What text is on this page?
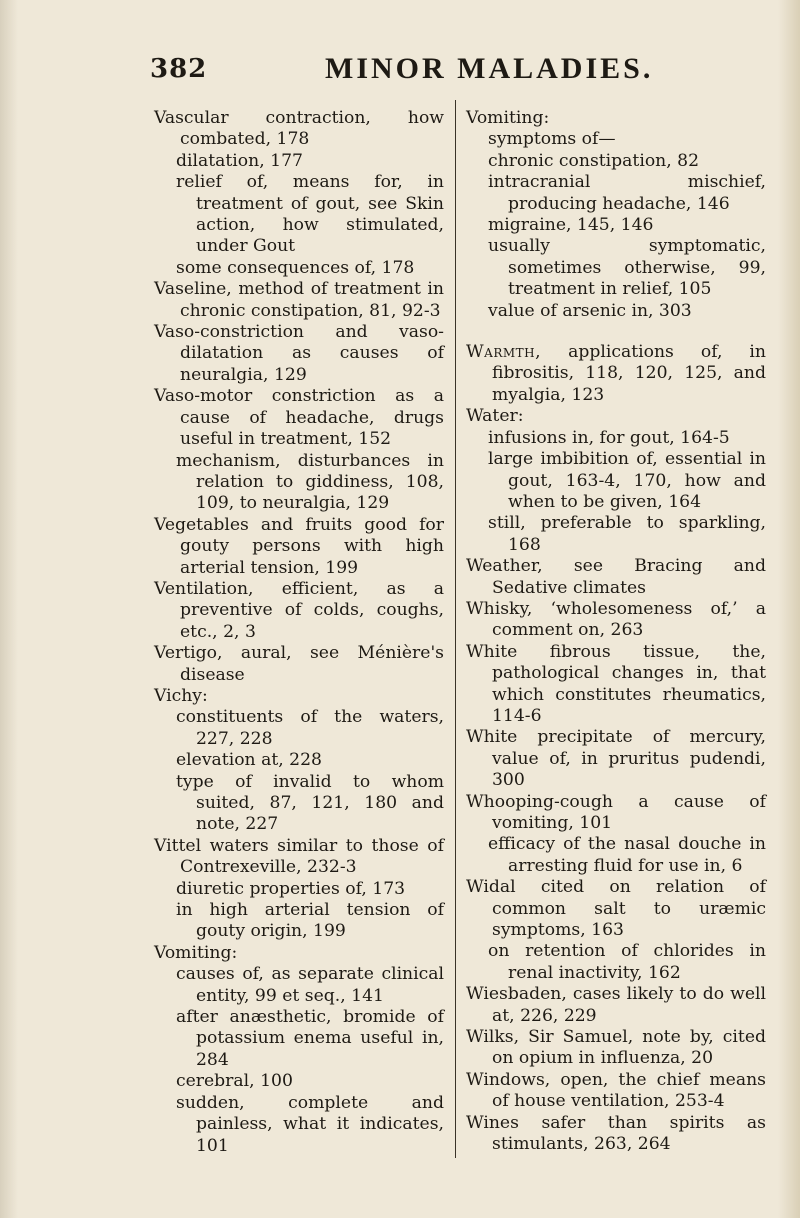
382	MINOR MALADIES.

Vascular contraction, how combated, 178

dilatation, 177

relief of, means for, in treatment of gout, see Skin action, how stimulated, under Gout

some consequences of, 178

Vaseline, method of treatment in chronic constipation, 81, 92-3

Vaso-constriction and vaso-dilatation as causes of neuralgia, 129

Vaso-motor constriction as a cause of headache, drugs useful in treatment, 152

mechanism, disturbances in relation to giddiness, 108, 109, to neuralgia, 129

Vegetables and fruits good for gouty persons with high arterial tension, 199

Ventilation, efficient, as a preventive of colds, coughs, etc., 2, 3

Vertigo, aural, see Ménière's disease

Vichy:

constituents of the waters, 227, 228

elevation at, 228

type of invalid to whom suited, 87, 121, 180 and note, 227

Vittel waters similar to those of Contrexeville, 232-3

diuretic properties of, 173

in high arterial tension of gouty origin, 199

Vomiting:

causes of, as separate clinical entity, 99 et seq., 141

after anæsthetic, bromide of potassium enema useful in, 284

cerebral, 100

sudden, complete and painless, what it indicates, 101

Vomiting:

symptoms of—

chronic constipation, 82

intracranial mischief, producing headache, 146

migraine, 145, 146

usually symptomatic, sometimes otherwise, 99, treatment in relief, 105

value of arsenic in, 303

Warmth, applications of, in fibrositis, 118, 120, 125, and myalgia, 123

Water:

infusions in, for gout, 164-5

large imbibition of, essential in gout, 163-4, 170, how and when to be given, 164

still, preferable to sparkling, 168

Weather, see Bracing and Sedative climates

Whisky, ‘wholesomeness of,’ a comment on, 263

White fibrous tissue, the, pathological changes in, that which constitutes rheumatics, 114-6

White precipitate of mercury, value of, in pruritus pudendi, 300

Whooping-cough a cause of vomiting, 101

efficacy of the nasal douche in arresting fluid for use in, 6

Widal cited on relation of common salt to uræmic symptoms, 163

on retention of chlorides in renal inactivity, 162

Wiesbaden, cases likely to do well at, 226, 229

Wilks, Sir Samuel, note by, cited on opium in influenza, 20

Windows, open, the chief means of house ventilation, 253-4

Wines safer than spirits as stimulants, 263, 264
